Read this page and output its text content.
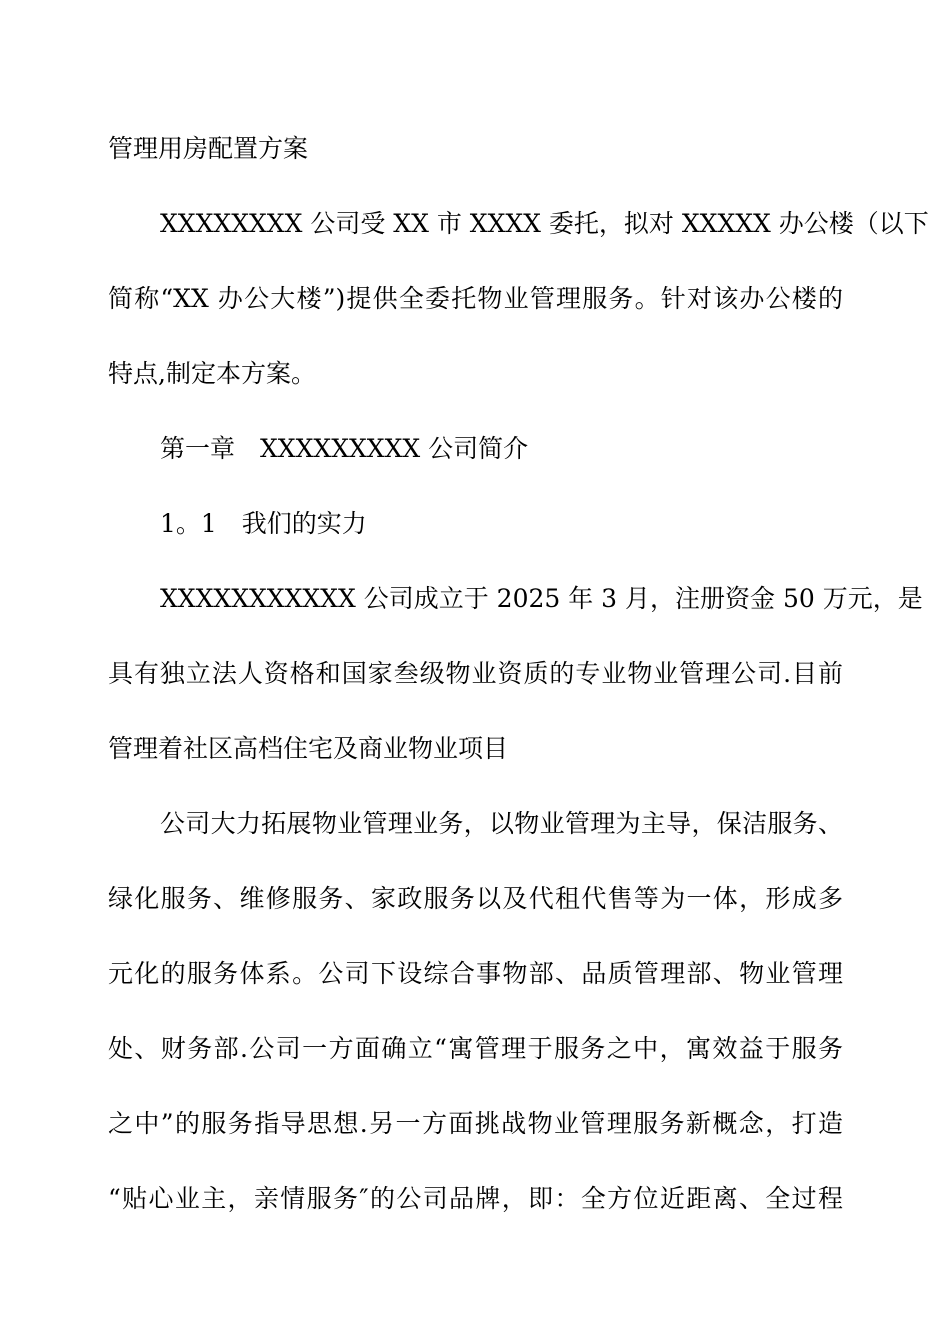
管理用房配置方案
XXXXXXXX 公司受 XX 市 XXXX 委托，拟对 XXXXX 办公楼（以下
简称“XX 办公大楼”)提供全委托物业管理服务。针对该办公楼的
特点,制定本方案。
第一章　XXXXXXXXX 公司简介
1。1　我们的实力
XXXXXXXXXXX 公司成立于 2025 年 3 月，注册资金 50 万元，是
具有独立法人资格和国家叁级物业资质的专业物业管理公司.目前
管理着社区高档住宅及商业物业项目
公司大力拓展物业管理业务，以物业管理为主导，保洁服务、
绿化服务、维修服务、家政服务以及代租代售等为一体，形成多
元化的服务体系。公司下设综合事物部、品质管理部、物业管理
处、财务部.公司一方面确立“寓管理于服务之中，寓效益于服务
之中”的服务指导思想.另一方面挑战物业管理服务新概念，打造
“贴心业主，亲情服务″的公司品牌，即：全方位近距离、全过程
